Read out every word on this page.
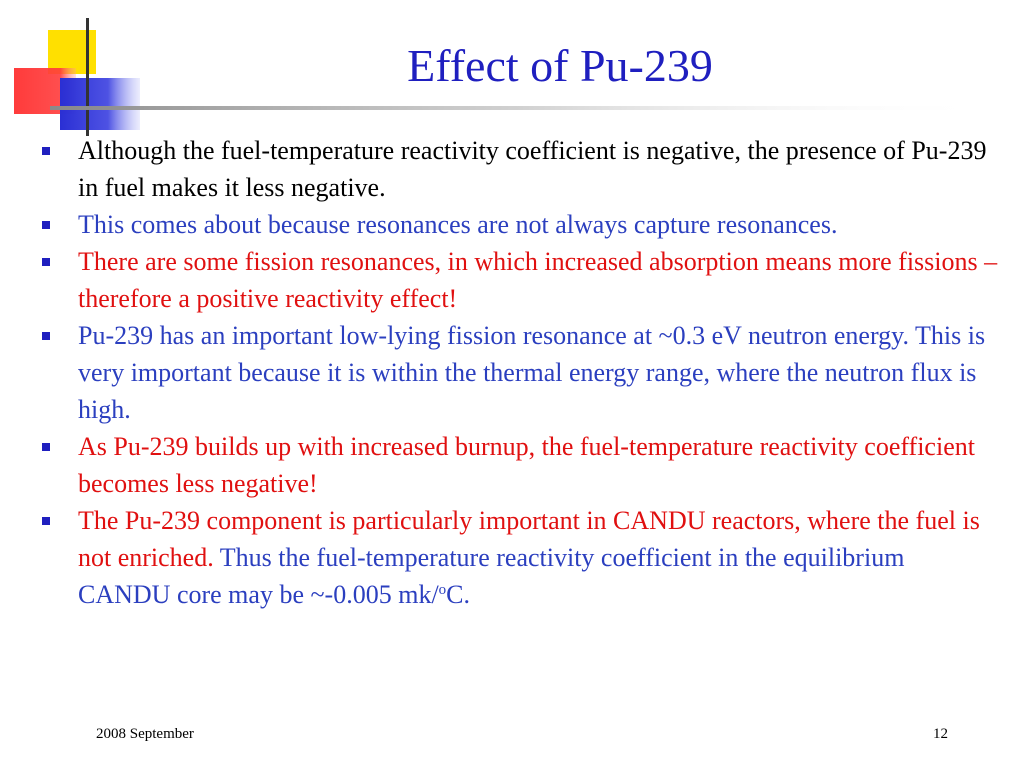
Effect of Pu-239
Although the fuel-temperature reactivity coefficient is negative, the presence of Pu-239 in fuel makes it less negative.
This comes about because resonances are not always capture resonances.
There are some fission resonances, in which increased absorption means more fissions – therefore a positive reactivity effect!
Pu-239 has an important low-lying fission resonance at ~0.3 eV neutron energy. This is very important because it is within the thermal energy range, where the neutron flux is high.
As Pu-239 builds up with increased burnup, the fuel-temperature reactivity coefficient becomes less negative!
The Pu-239 component is particularly important in CANDU reactors, where the fuel is not enriched. Thus the fuel-temperature reactivity coefficient in the equilibrium CANDU core may be ~-0.005 mk/$^o$C.
2008 September	12
